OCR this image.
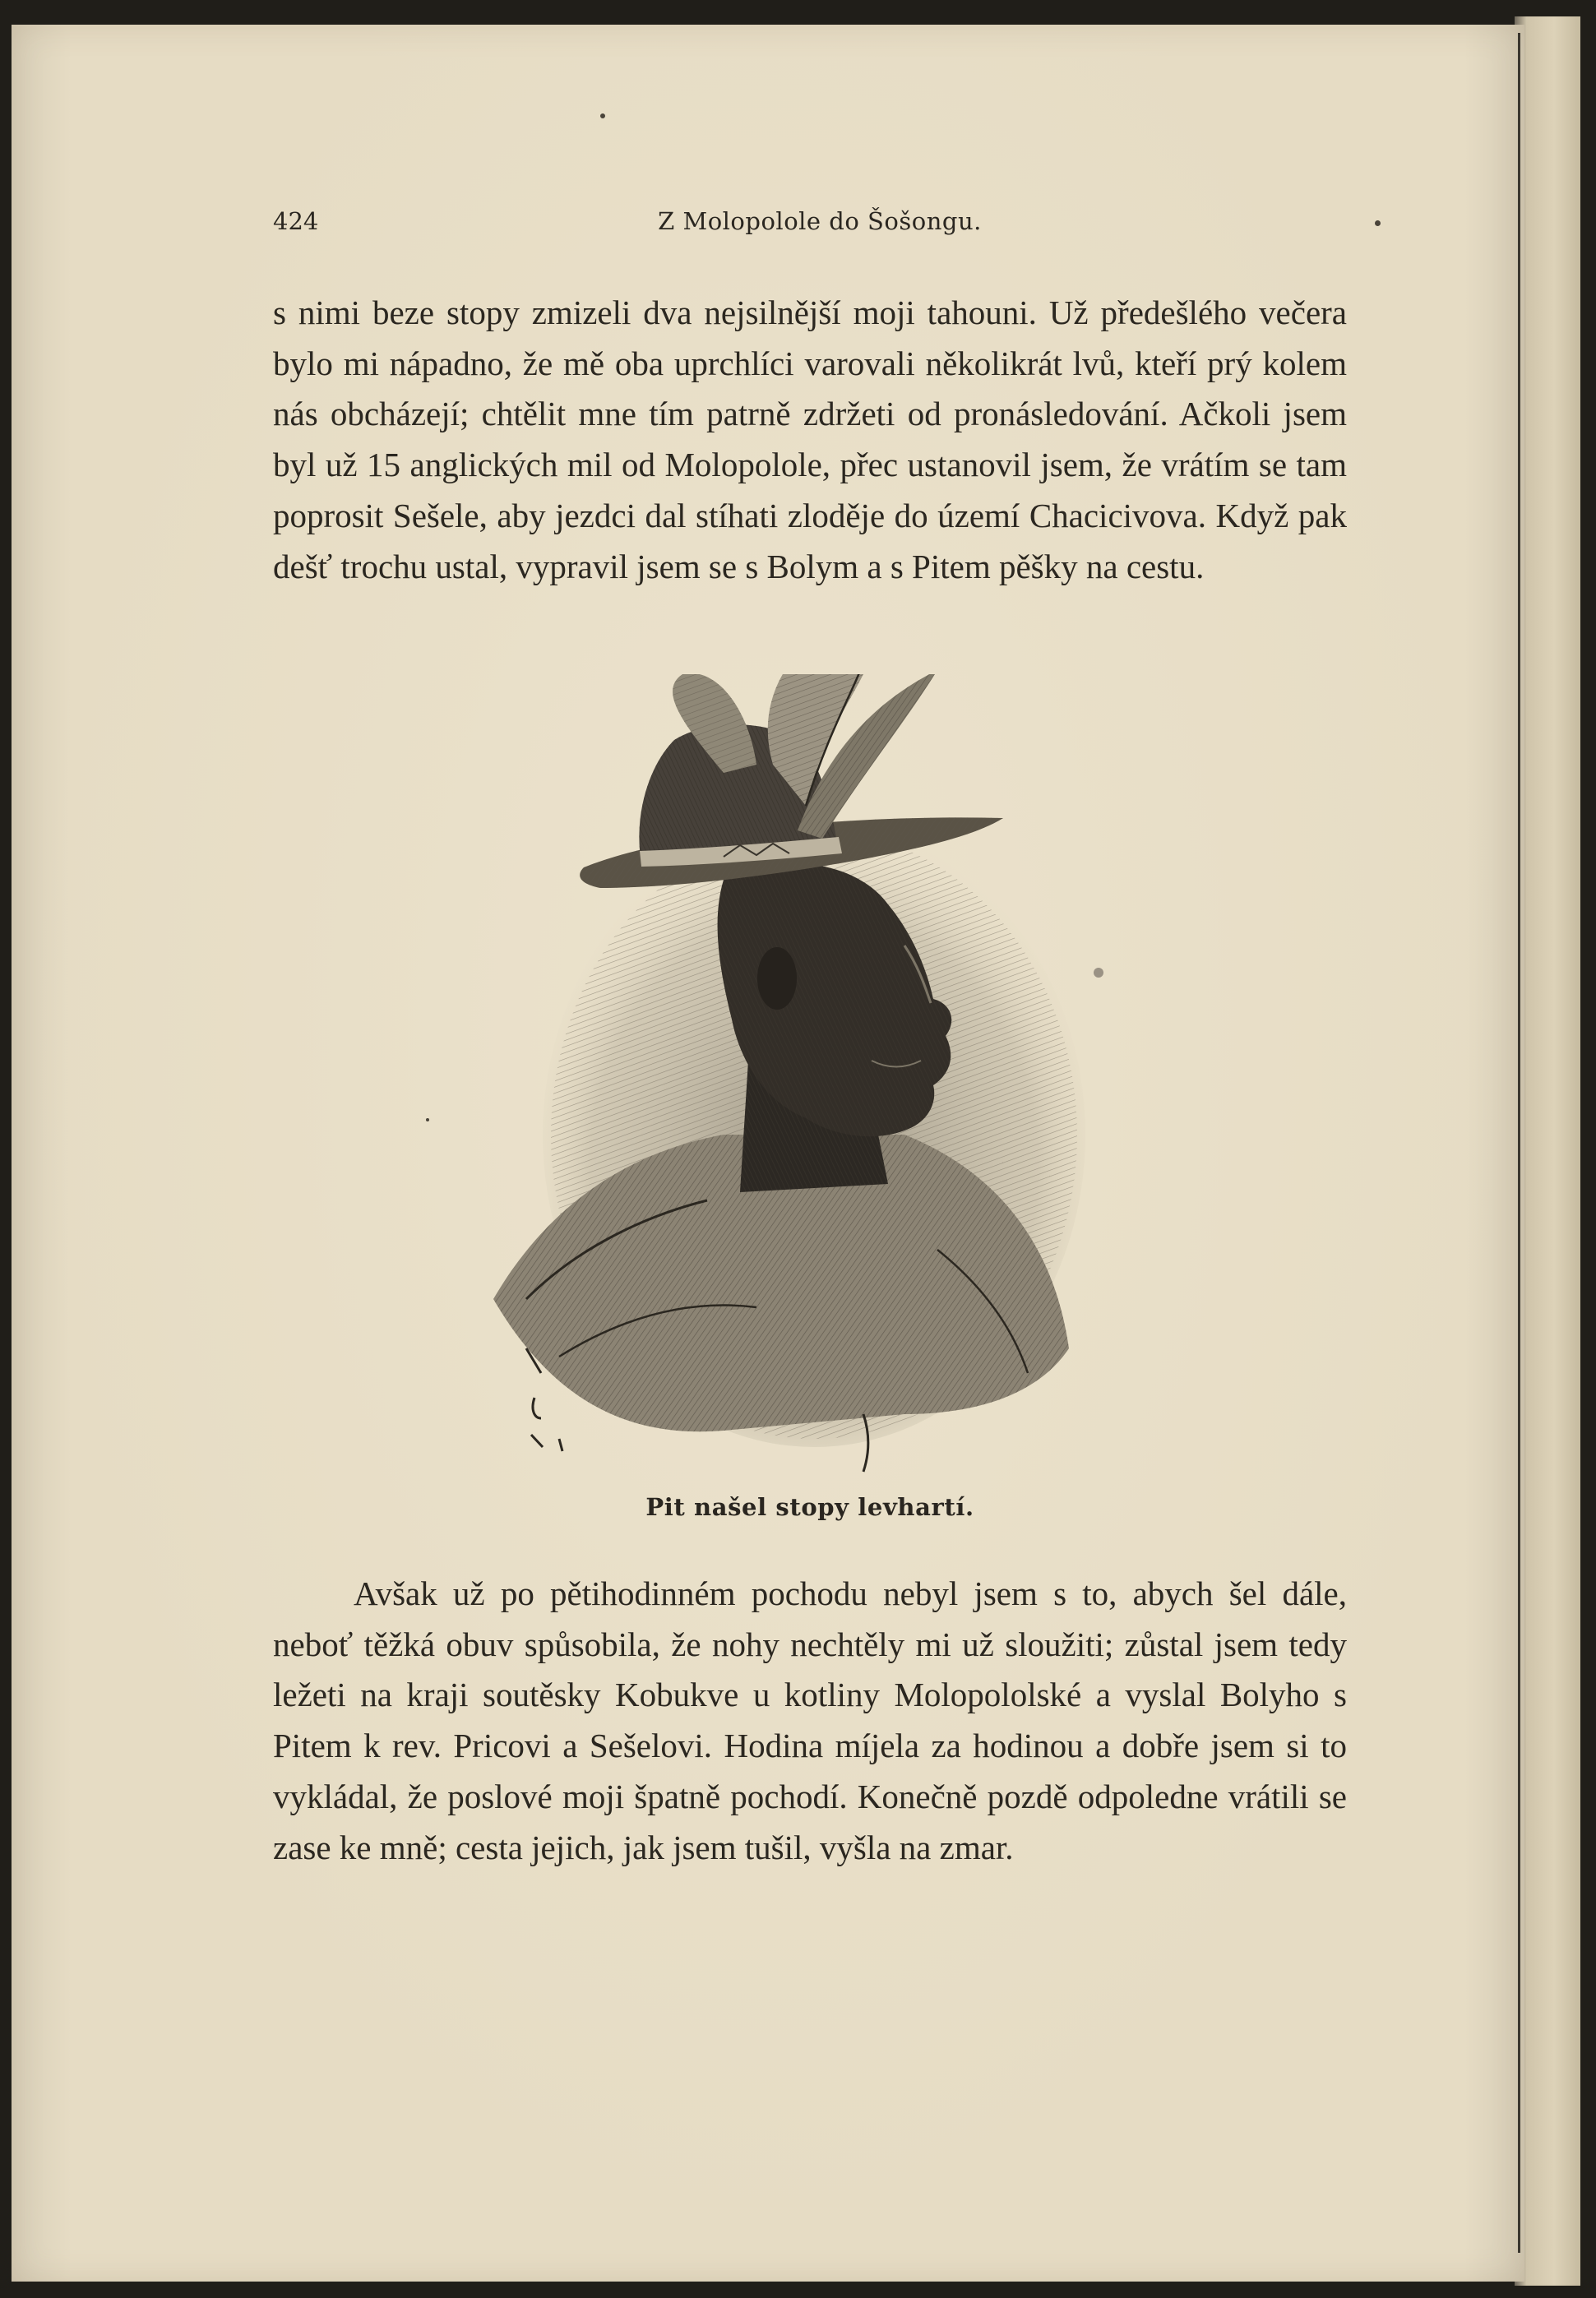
424	Z Molopolole do Šošongu.
s nimi beze stopy zmizeli dva nejsilnější moji tahouni. Už předešlého večera bylo mi nápadno, že mě oba uprchlíci varovali několikrát lvů, kteří prý kolem nás obcházejí; chtělit mne tím patrně zdržeti od pronásledování. Ačkoli jsem byl už 15 anglických mil od Molopolole, přec ustanovil jsem, že vrátím se tam poprosit Sešele, aby jezdci dal stíhati zloděje do území Chacicivova. Když pak dešť trochu ustal, vypravil jsem se s Bolym a s Pitem pěšky na cestu.
Pit našel stopy levhartí.
Avšak už po pětihodinném pochodu nebyl jsem s to, abych šel dále, neboť těžká obuv spůsobila, že nohy nechtěly mi už sloužiti; zůstal jsem tedy ležeti na kraji soutěsky Kobukve u kotliny Molopololské a vyslal Bolyho s Pitem k rev. Pricovi a Sešelovi. Hodina míjela za hodinou a dobře jsem si to vykládal, že poslové moji špatně pochodí. Konečně pozdě odpoledne vrátili se zase ke mně; cesta jejich, jak jsem tušil, vyšla na zmar.
